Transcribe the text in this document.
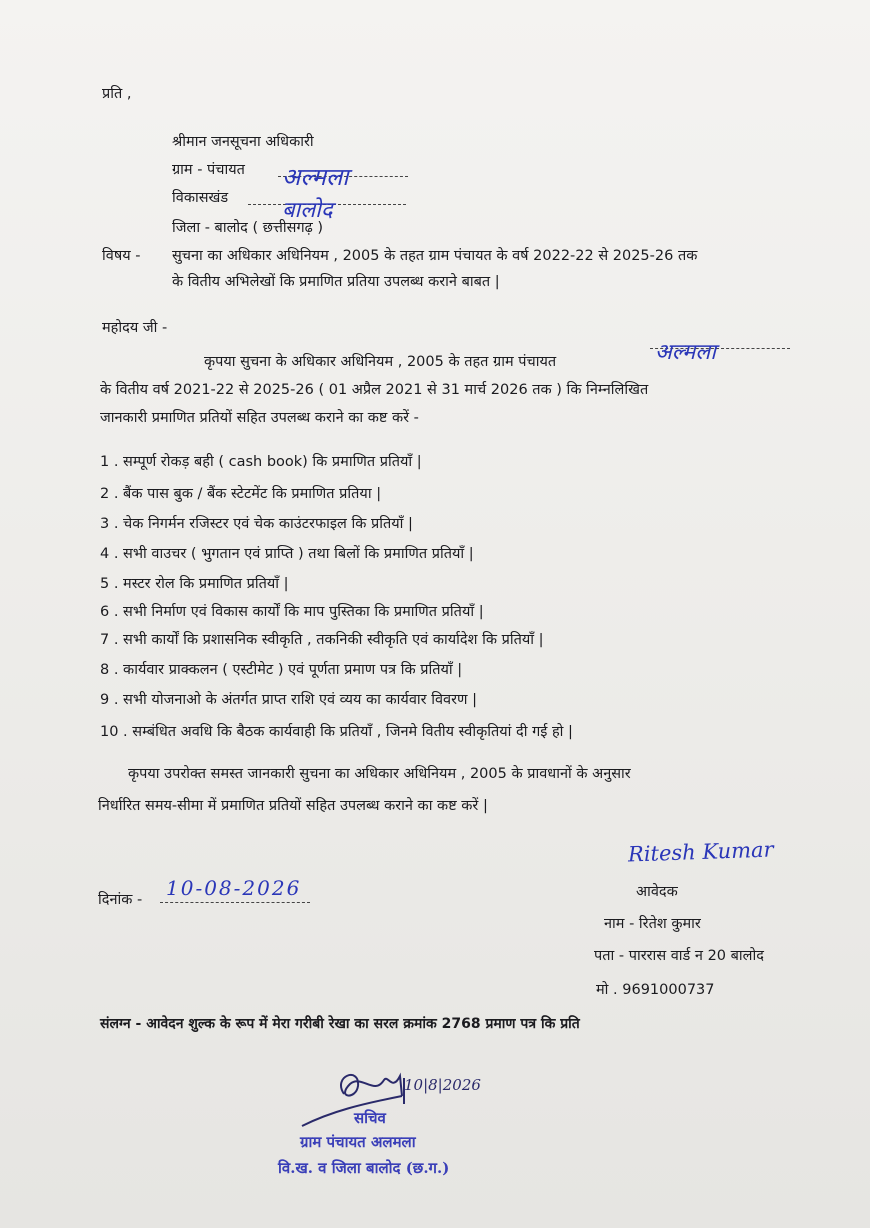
प्रति ,
श्रीमान जनसूचना अधिकारी
ग्राम - पंचायत अल्मला
विकासखंड बालोद
जिला - बालोद ( छत्तीसगढ़ )
विषय - सुचना का अधिकार अधिनियम , 2005 के तहत ग्राम पंचायत के वर्ष 2022-22 से 2025-26 तक
के वितीय अभिलेखों कि प्रमाणित प्रतिया उपलब्ध कराने बाबत |
महोदय जी -
कृपया सुचना के अधिकार अधिनियम , 2005 के तहत ग्राम पंचायत	अल्मला
के वितीय वर्ष 2021-22 से 2025-26 ( 01 अप्रैल 2021 से 31 मार्च 2026 तक ) कि निम्नलिखित
जानकारी प्रमाणित प्रतियों सहित उपलब्ध कराने का कष्ट करें -
1 . सम्पूर्ण रोकड़ बही ( cash book) कि प्रमाणित प्रतियाँ |
2 . बैंक पास बुक / बैंक स्टेटमेंट कि प्रमाणित प्रतिया |
3 . चेक निगर्मन रजिस्टर एवं चेक काउंटरफाइल कि प्रतियाँ |
4 . सभी वाउचर ( भुगतान एवं प्राप्ति ) तथा बिलों कि प्रमाणित प्रतियाँ |
5 . मस्टर रोल कि प्रमाणित प्रतियाँ |
6 . सभी निर्माण एवं विकास कार्यों कि माप पुस्तिका कि प्रमाणित प्रतियाँ |
7 . सभी कार्यों कि प्रशासनिक स्वीकृति , तकनिकी स्वीकृति एवं कार्यादेश कि प्रतियाँ |
8 . कार्यवार प्राक्कलन ( एस्टीमेट ) एवं पूर्णता प्रमाण पत्र कि प्रतियाँ |
9 . सभी योजनाओ के अंतर्गत प्राप्त राशि एवं व्यय का कार्यवार विवरण |
10 . सम्बंधित अवधि कि बैठक कार्यवाही कि प्रतियाँ , जिनमे वितीय स्वीकृतियां दी गई हो |
कृपया उपरोक्त समस्त जानकारी सुचना का अधिकार अधिनियम , 2005 के प्रावधानों के अनुसार
निर्धारित समय-सीमा में प्रमाणित प्रतियों सहित उपलब्ध कराने का कष्ट करें |
Ritesh Kumar
आवेदक
नाम - रितेश कुमार
पता - पाररास वार्ड न 20 बालोद
मो . 9691000737
दिनांक - 10-08-2026
संलग्न - आवेदन शुल्क के रूप में मेरा गरीबी रेखा का सरल क्रमांक 2768 प्रमाण पत्र कि प्रति
10|8|2026
सचिव
ग्राम पंचायत अलमला
वि.ख. व जिला बालोद (छ.ग.)
